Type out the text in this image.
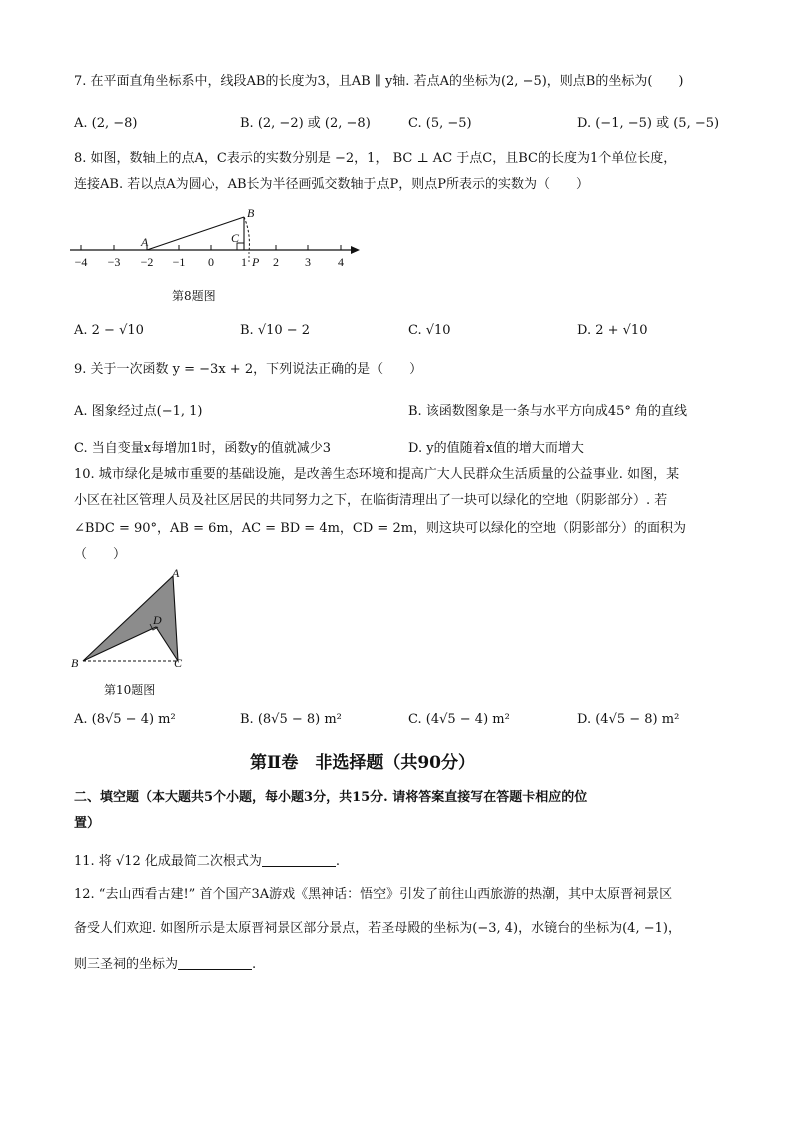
7. 在平面直角坐标系中，线段AB的长度为3，且AB ∥ y轴. 若点A的坐标为(2, −5)，则点B的坐标为(　　)
A. (2, −8)	B. (2, −2) 或 (2, −8)	C. (5, −5)	D. (−1, −5) 或 (5, −5)
8. 如图，数轴上的点A，C表示的实数分别是 −2，1， BC ⊥ AC 于点C，且BC的长度为1个单位长度，
连接AB. 若以点A为圆心，AB长为半径画弧交数轴于点P，则点P所表示的实数为（　　）
−4 −3 −2 −1 0 1 2 3 4
A
B
C
P
第8题图
A. 2 − √10	B. √10 − 2	C. √10	D. 2 + √10
9. 关于一次函数 y = −3x + 2，下列说法正确的是（　　）
A. 图象经过点(−1, 1)	B. 该函数图象是一条与水平方向成45° 角的直线
C. 当自变量x每增加1时，函数y的值就减少3	D. y的值随着x值的增大而增大
10. 城市绿化是城市重要的基础设施，是改善生态环境和提高广大人民群众生活质量的公益事业. 如图，某
小区在社区管理人员及社区居民的共同努力之下，在临街清理出了一块可以绿化的空地（阴影部分）. 若
∠BDC = 90°，AB = 6m，AC = BD = 4m，CD = 2m，则这块可以绿化的空地（阴影部分）的面积为
（　　）
A
B	C
D
第10题图
A. (8√5 − 4) m²	B. (8√5 − 8) m²	C. (4√5 − 4) m²	D. (4√5 − 8) m²
第Ⅱ卷　非选择题（共90分）
二、填空题（本大题共5个小题，每小题3分，共15分. 请将答案直接写在答题卡相应的位
置）
11. 将 √12 化成最简二次根式为	.
12. “去山西看古建!” 首个国产3A游戏《黑神话：悟空》引发了前往山西旅游的热潮，其中太原晋祠景区
备受人们欢迎. 如图所示是太原晋祠景区部分景点，若圣母殿的坐标为(−3, 4)，水镜台的坐标为(4, −1)，
则三圣祠的坐标为	.
